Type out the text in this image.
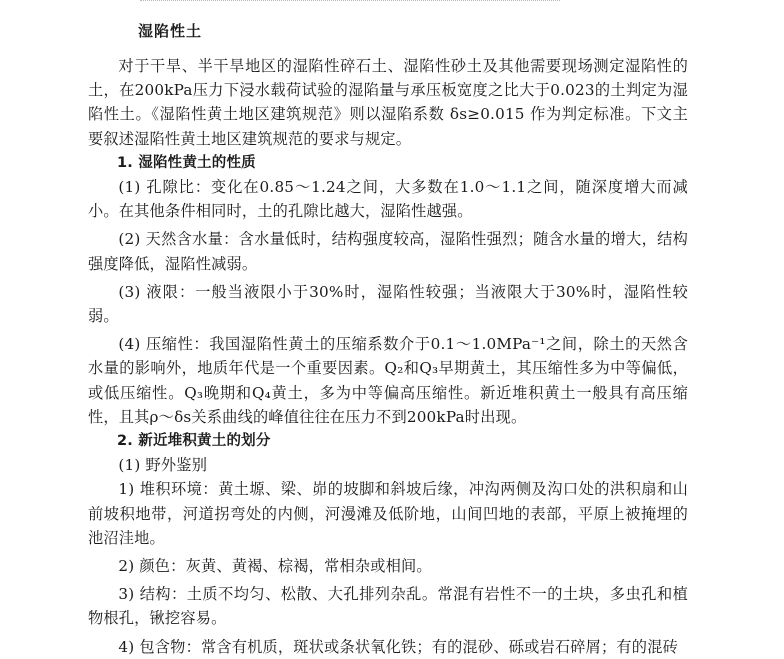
湿陷性土

对于干旱、半干旱地区的湿陷性碎石土、湿陷性砂土及其他需要现场测定湿陷性的土，在200kPa压力下浸水载荷试验的湿陷量与承压板宽度之比大于0.023的土判定为湿陷性土。《湿陷性黄土地区建筑规范》则以湿陷系数 δs≥0.015 作为判定标准。下文主要叙述湿陷性黄土地区建筑规范的要求与规定。

1. 湿陷性黄土的性质

(1) 孔隙比：变化在0.85～1.24之间，大多数在1.0～1.1之间，随深度增大而减小。在其他条件相同时，土的孔隙比越大，湿陷性越强。

(2) 天然含水量：含水量低时，结构强度较高，湿陷性强烈；随含水量的增大，结构强度降低，湿陷性减弱。

(3) 液限：一般当液限小于30%时，湿陷性较强；当液限大于30%时，湿陷性较弱。

(4) 压缩性：我国湿陷性黄土的压缩系数介于0.1～1.0MPa⁻¹之间，除土的天然含水量的影响外，地质年代是一个重要因素。Q₂和Q₃早期黄土，其压缩性多为中等偏低，或低压缩性。Q₃晚期和Q₄黄土，多为中等偏高压缩性。新近堆积黄土一般具有高压缩性，且其ρ～δs关系曲线的峰值往往在压力不到200kPa时出现。

2. 新近堆积黄土的划分

(1) 野外鉴别

1) 堆积环境：黄土塬、梁、峁的坡脚和斜坡后缘，冲沟两侧及沟口处的洪积扇和山前坡积地带，河道拐弯处的内侧，河漫滩及低阶地，山间凹地的表部，平原上被掩埋的池沼洼地。

2) 颜色：灰黄、黄褐、棕褐，常相杂或相间。

3) 结构：土质不均匀、松散、大孔排列杂乱。常混有岩性不一的土块，多虫孔和植物根孔，锹挖容易。

4) 包含物：常含有机质，斑状或条状氧化铁；有的混砂、砾或岩石碎屑；有的混砖
